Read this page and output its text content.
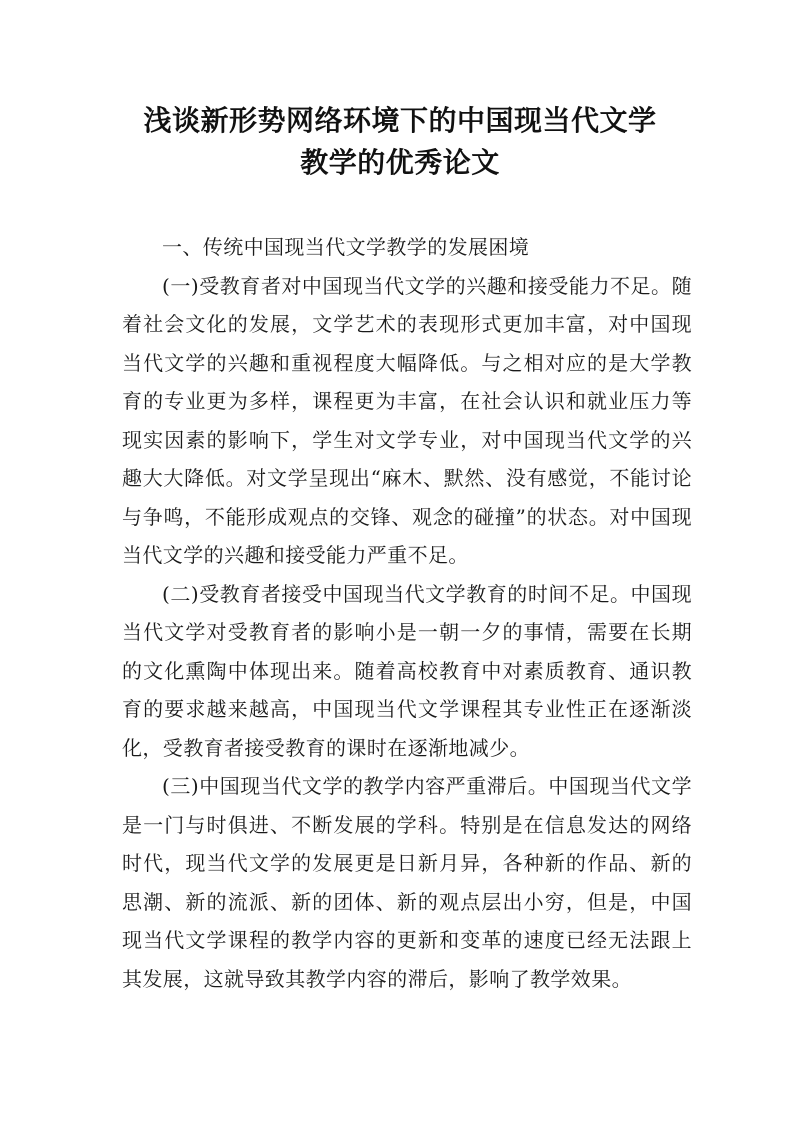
浅谈新形势网络环境下的中国现当代文学
教学的优秀论文

一、传统中国现当代文学教学的发展困境

(一)受教育者对中国现当代文学的兴趣和接受能力不足。随着社会文化的发展，文学艺术的表现形式更加丰富，对中国现当代文学的兴趣和重视程度大幅降低。与之相对应的是大学教育的专业更为多样，课程更为丰富，在社会认识和就业压力等现实因素的影响下，学生对文学专业，对中国现当代文学的兴趣大大降低。对文学呈现出“麻木、默然、没有感觉，不能讨论与争鸣，不能形成观点的交锋、观念的碰撞”的状态。对中国现当代文学的兴趣和接受能力严重不足。

(二)受教育者接受中国现当代文学教育的时间不足。中国现当代文学对受教育者的影响小是一朝一夕的事情，需要在长期的文化熏陶中体现出来。随着高校教育中对素质教育、通识教育的要求越来越高，中国现当代文学课程其专业性正在逐渐淡化，受教育者接受教育的课时在逐渐地减少。

(三)中国现当代文学的教学内容严重滞后。中国现当代文学是一门与时俱进、不断发展的学科。特别是在信息发达的网络时代，现当代文学的发展更是日新月异，各种新的作品、新的思潮、新的流派、新的团体、新的观点层出小穷，但是，中国现当代文学课程的教学内容的更新和变革的速度已经无法跟上其发展，这就导致其教学内容的滞后，影响了教学效果。
